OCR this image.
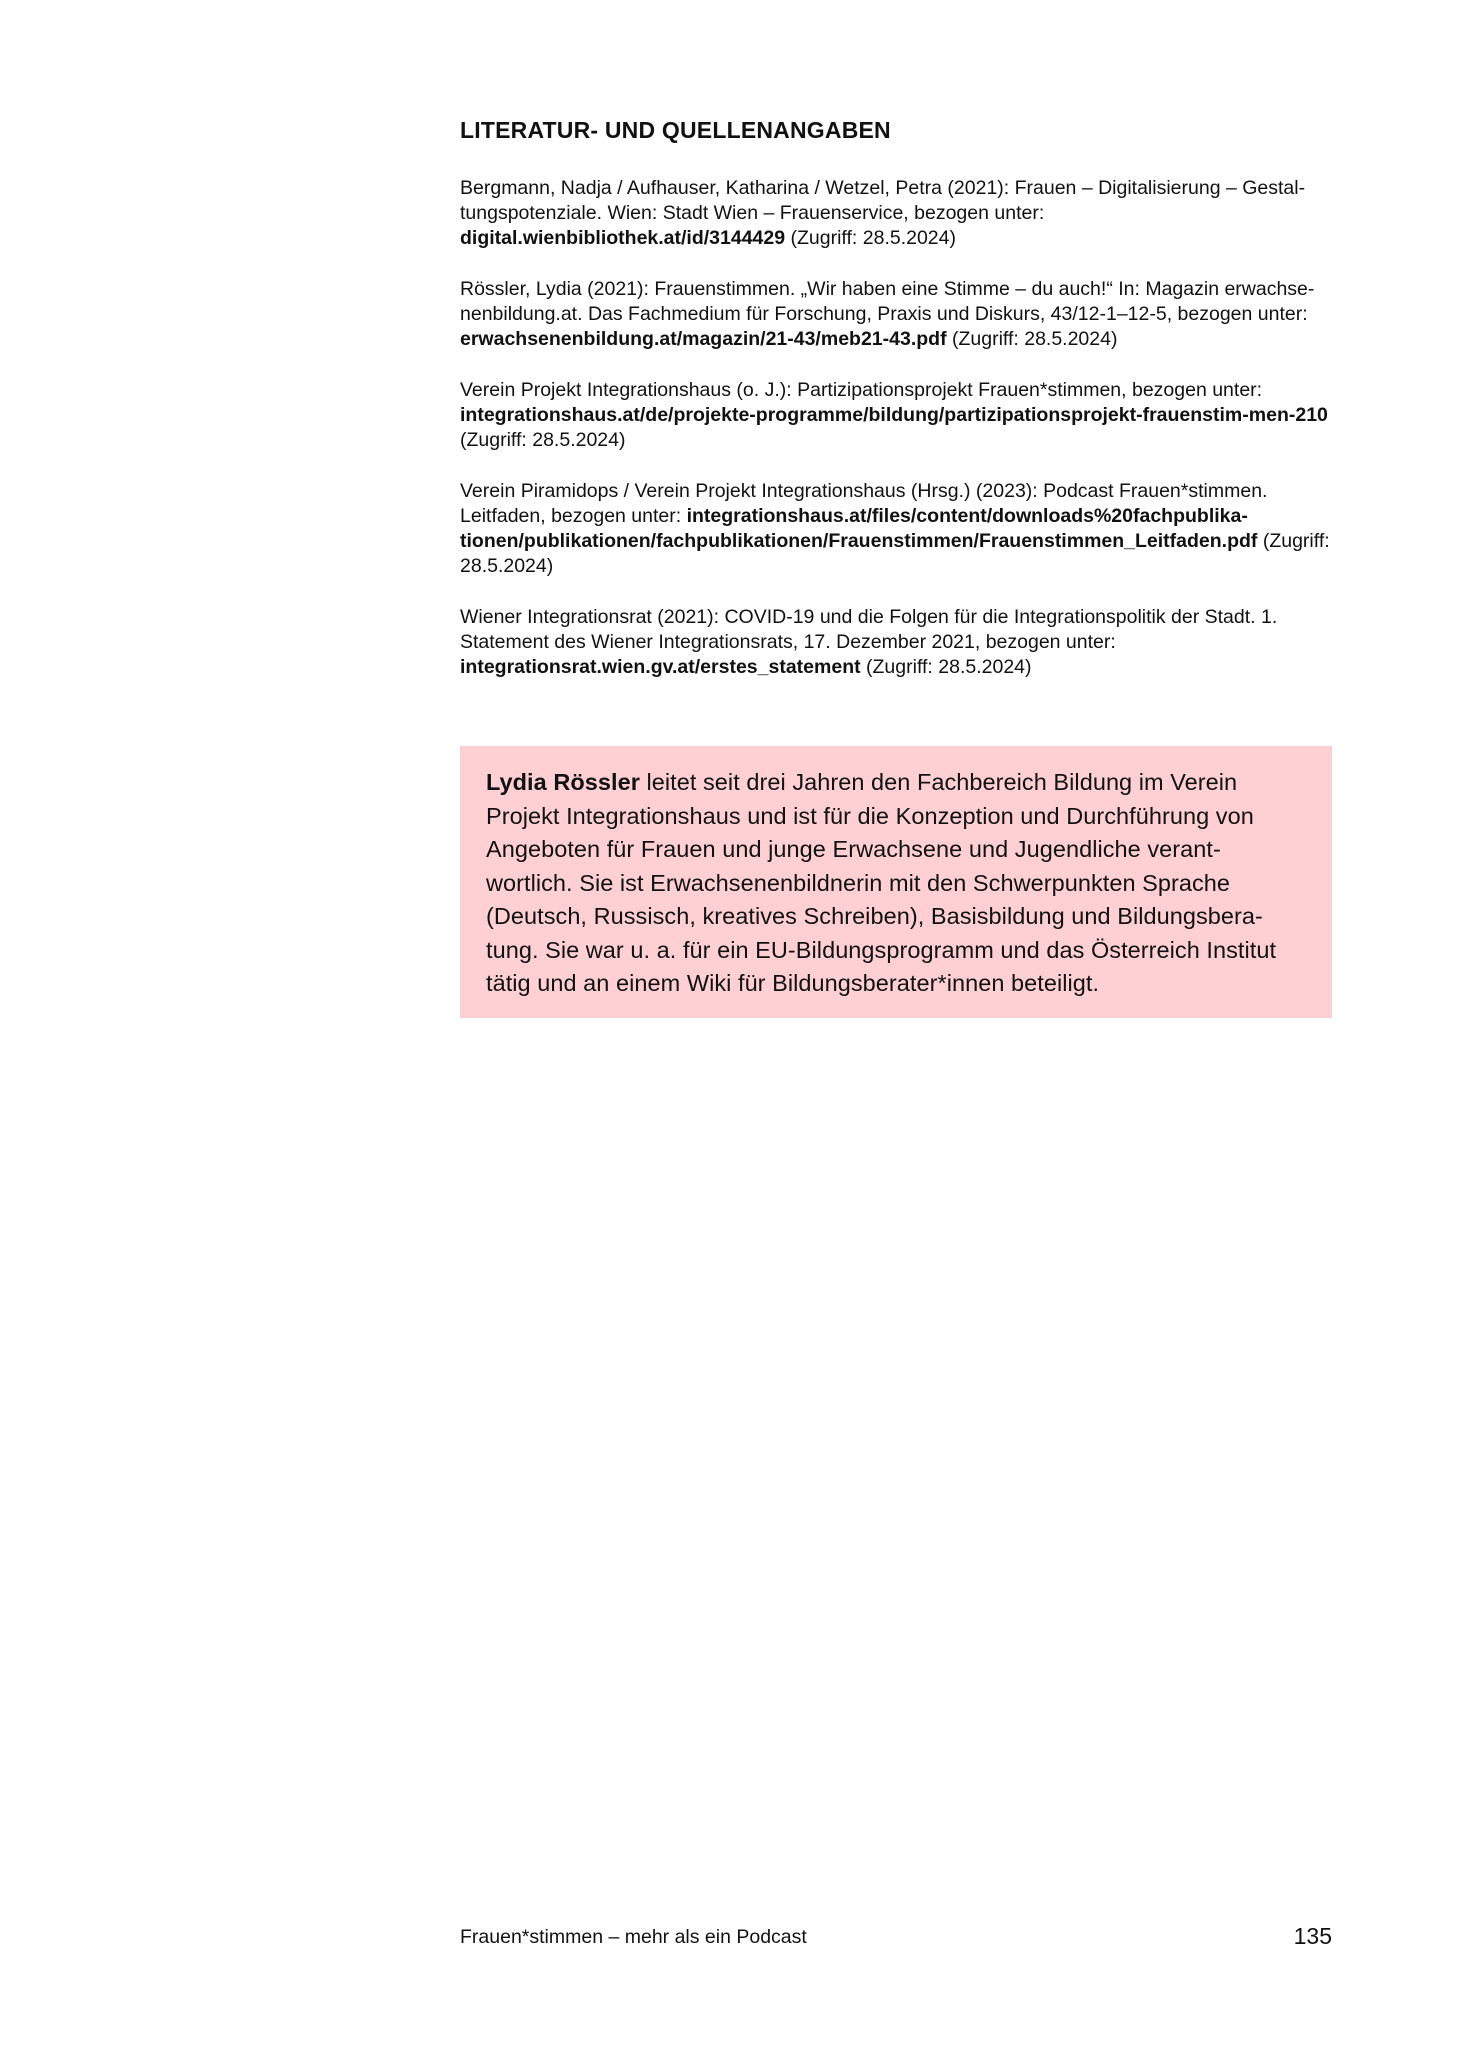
LITERATUR- UND QUELLENANGABEN
Bergmann, Nadja / Aufhauser, Katharina / Wetzel, Petra (2021): Frauen – Digitalisierung – Gestal-tungspotenziale. Wien: Stadt Wien – Frauenservice, bezogen unter: digital.wienbibliothek.at/id/3144429 (Zugriff: 28.5.2024)
Rössler, Lydia (2021): Frauenstimmen. „Wir haben eine Stimme – du auch!“ In: Magazin erwachse-nenbildung.at. Das Fachmedium für Forschung, Praxis und Diskurs, 43/12-1–12-5, bezogen unter: erwachsenenbildung.at/magazin/21-43/meb21-43.pdf (Zugriff: 28.5.2024)
Verein Projekt Integrationshaus (o. J.): Partizipationsprojekt Frauen*stimmen, bezogen unter: integrationshaus.at/de/projekte-programme/bildung/partizipationsprojekt-frauenstim-men-210 (Zugriff: 28.5.2024)
Verein Piramidops / Verein Projekt Integrationshaus (Hrsg.) (2023): Podcast Frauen*stimmen. Leitfaden, bezogen unter: integrationshaus.at/files/content/downloads%20fachpublika-tionen/publikationen/fachpublikationen/Frauenstimmen/Frauenstimmen_Leitfaden.pdf (Zugriff: 28.5.2024)
Wiener Integrationsrat (2021): COVID-19 und die Folgen für die Integrationspolitik der Stadt. 1. Statement des Wiener Integrationsrats, 17. Dezember 2021, bezogen unter: integrationsrat.wien.gv.at/erstes_statement (Zugriff: 28.5.2024)

Lydia Rössler leitet seit drei Jahren den Fachbereich Bildung im Verein Projekt Integrationshaus und ist für die Konzeption und Durchführung von Angeboten für Frauen und junge Erwachsene und Jugendliche verant-wortlich. Sie ist Erwachsenenbildnerin mit den Schwerpunkten Sprache (Deutsch, Russisch, kreatives Schreiben), Basisbildung und Bildungsbera-tung. Sie war u. a. für ein EU-Bildungsprogramm und das Österreich Institut tätig und an einem Wiki für Bildungsberater*innen beteiligt.

Frauen*stimmen – mehr als ein Podcast	135
